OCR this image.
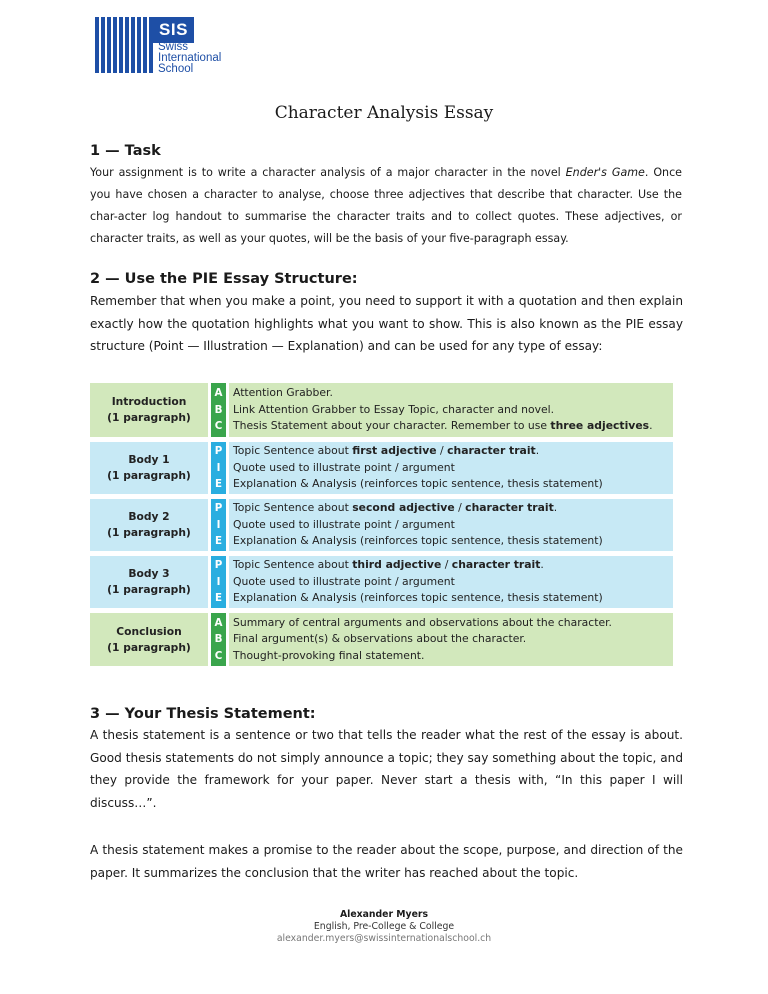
SIS
Swiss
International
School
Character Analysis Essay
1 — Task

Your assignment is to write a character analysis of a major character in the novel Ender's Game. Once you have chosen a character to analyse, choose three adjectives that describe that character. Use the char-acter log handout to summarise the character traits and to collect quotes. These adjectives, or character traits, as well as your quotes, will be the basis of your five-paragraph essay.

2 — Use the PIE Essay Structure:

Remember that when you make a point, you need to support it with a quotation and then explain exactly how the quotation highlights what you want to show. This is also known as the PIE essay structure (Point — Illustration — Explanation) and can be used for any type of essay:

Introduction
(1 paragraph)
A
B
C
Attention Grabber.
Link Attention Grabber to Essay Topic, character and novel.
Thesis Statement about your character. Remember to use three adjectives.
Body 1
(1 paragraph)
P
I
E
Topic Sentence about first adjective / character trait.
Quote used to illustrate point / argument
Explanation & Analysis (reinforces topic sentence, thesis statement)
Body 2
(1 paragraph)
P
I
E
Topic Sentence about second adjective / character trait.
Quote used to illustrate point / argument
Explanation & Analysis (reinforces topic sentence, thesis statement)
Body 3
(1 paragraph)
P
I
E
Topic Sentence about third adjective / character trait.
Quote used to illustrate point / argument
Explanation & Analysis (reinforces topic sentence, thesis statement)
Conclusion
(1 paragraph)
A
B
C
Summary of central arguments and observations about the character.
Final argument(s) & observations about the character.
Thought-provoking final statement.
3 — Your Thesis Statement:

A thesis statement is a sentence or two that tells the reader what the rest of the essay is about. Good thesis statements do not simply announce a topic; they say something about the topic, and they provide the framework for your paper. Never start a thesis with, “In this paper I will discuss…”.

A thesis statement makes a promise to the reader about the scope, purpose, and direction of the paper. It summarizes the conclusion that the writer has reached about the topic.

Alexander Myers
English, Pre-College & College
alexander.myers@swissinternationalschool.ch
